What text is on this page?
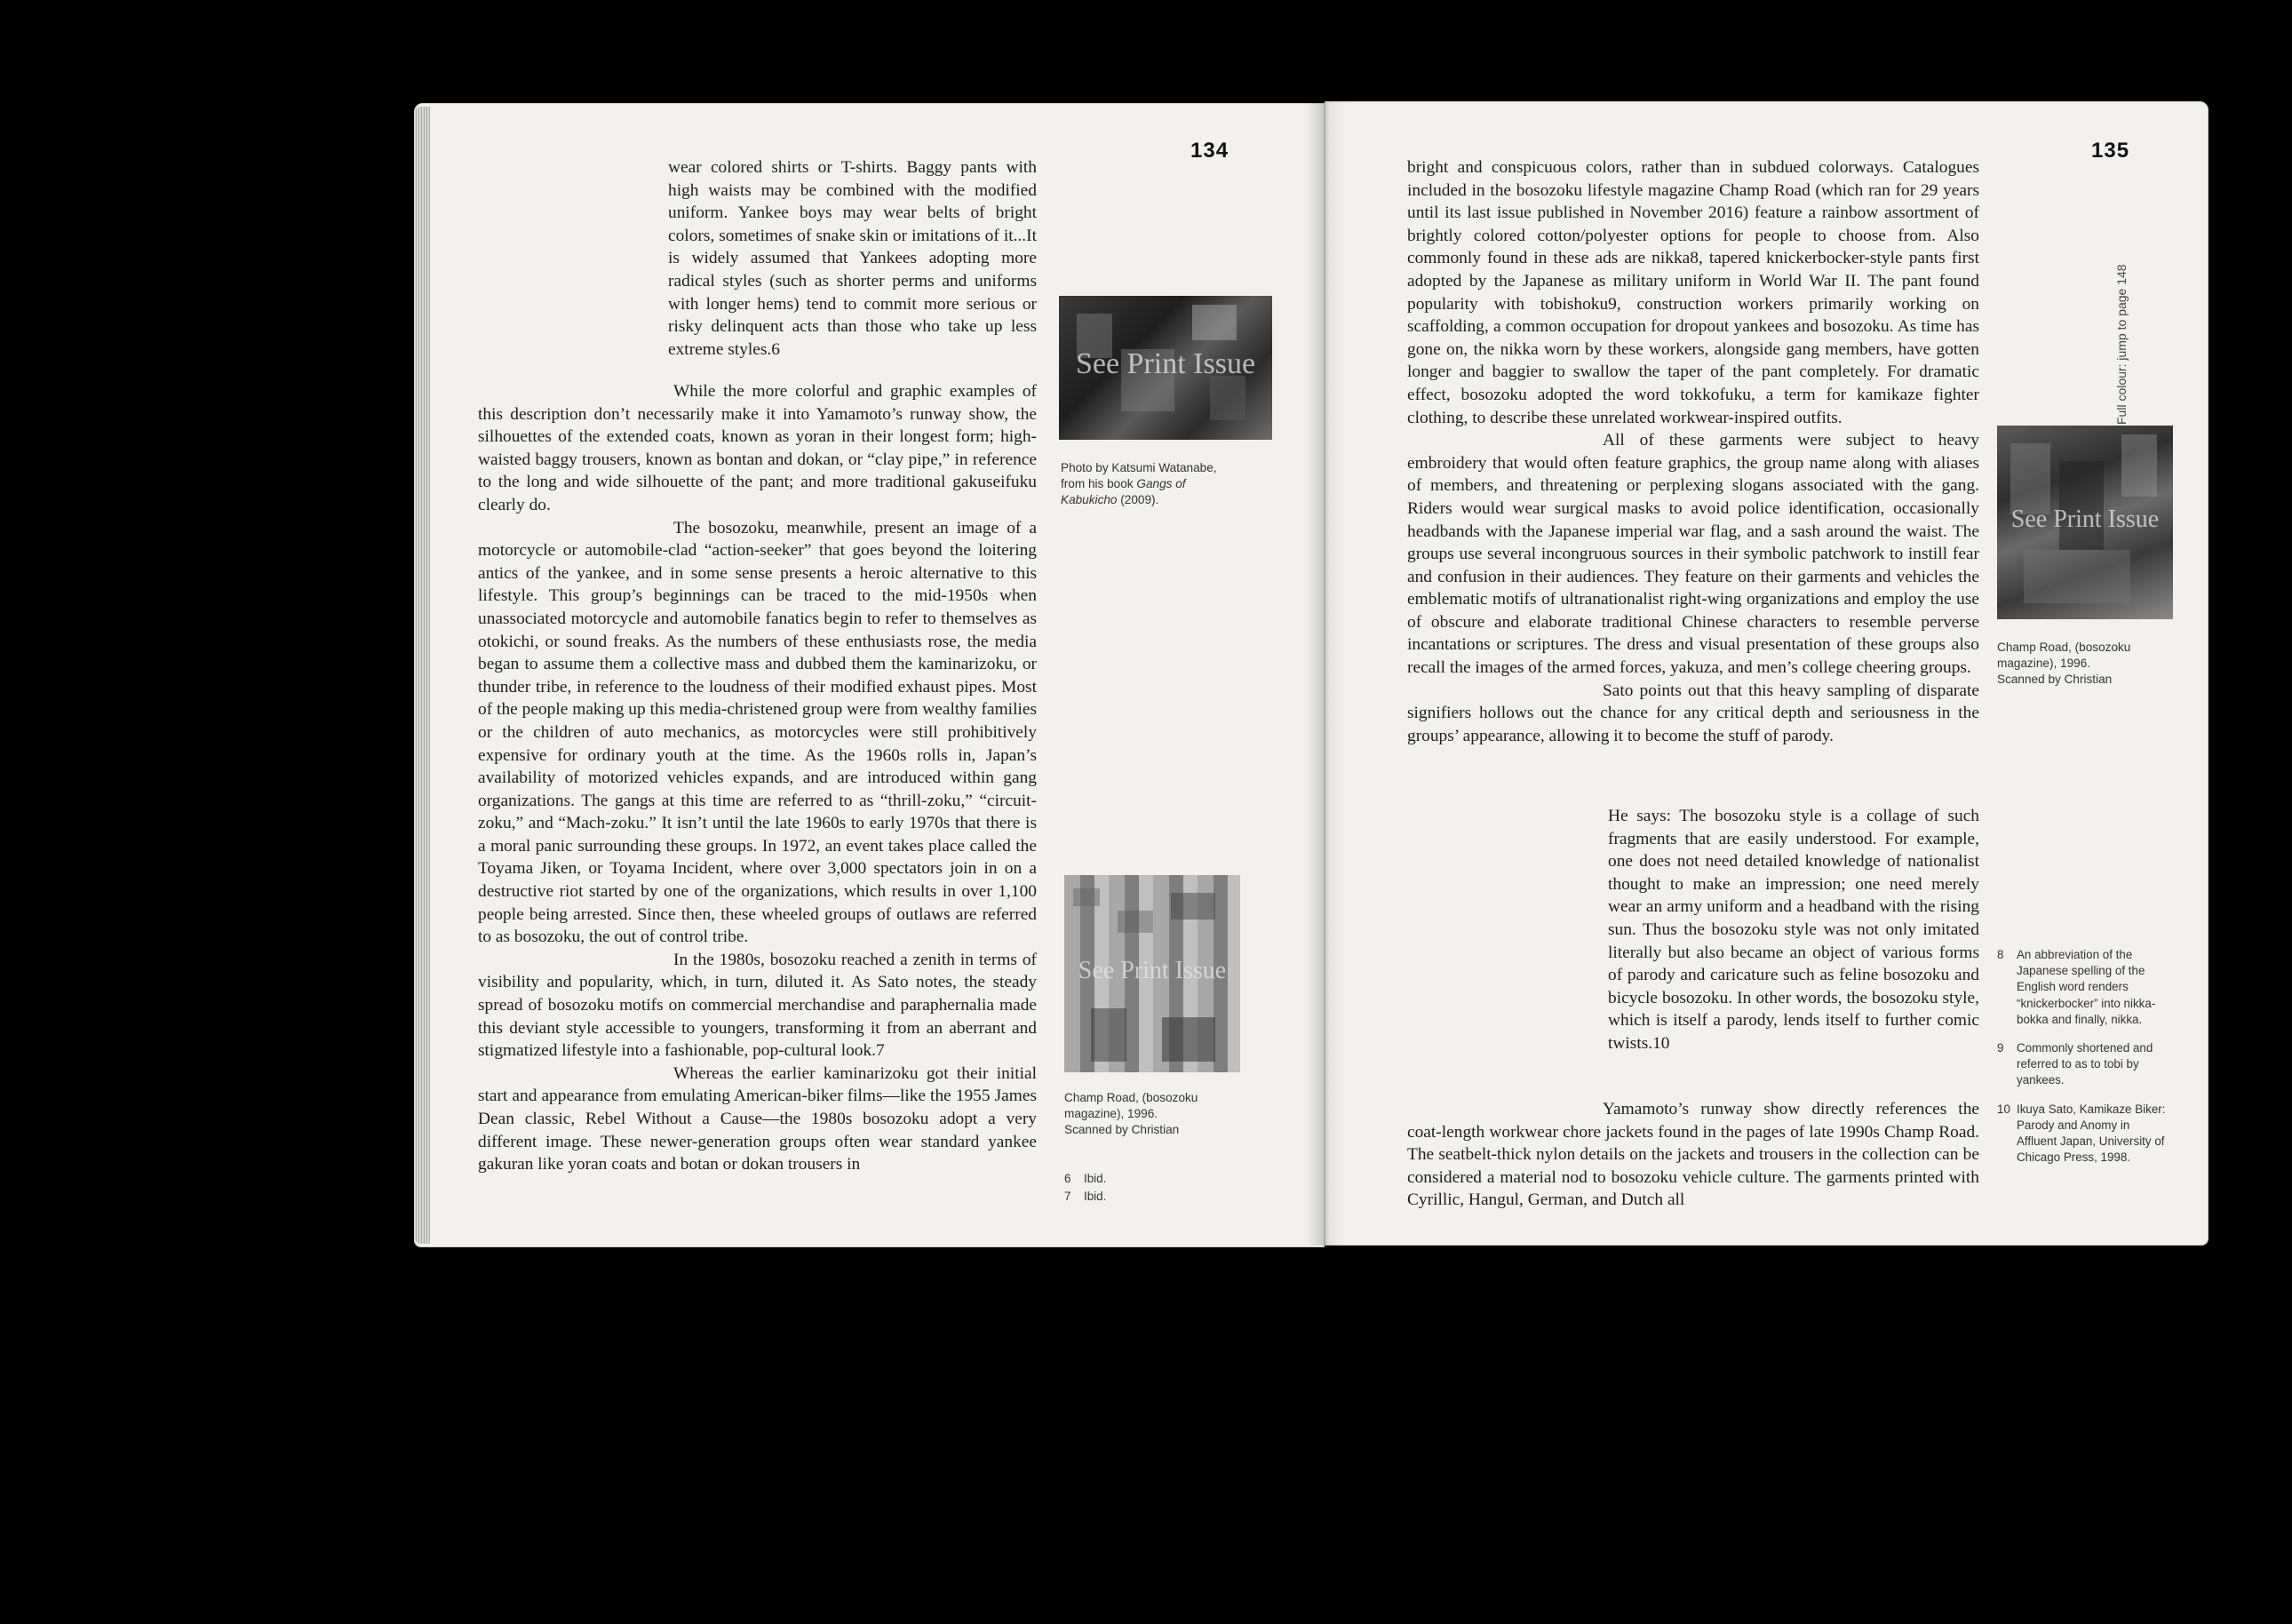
134

wear colored shirts or T-shirts. Baggy pants with high waists may be combined with the modified uniform. Yankee boys may wear belts of bright colors, sometimes of snake skin or imitations of it...It is widely assumed that Yankees adopting more radical styles (such as shorter perms and uniforms with longer hems) tend to commit more serious or risky delinquent acts than those who take up less extreme styles.6

While the more colorful and graphic examples of this description don’t necessarily make it into Yamamoto’s runway show, the silhouettes of the extended coats, known as yoran in their longest form; high-waisted baggy trousers, known as bontan and dokan, or “clay pipe,” in reference to the long and wide silhouette of the pant; and more traditional gakuseifuku clearly do.

The bosozoku, meanwhile, present an image of a motorcycle or automobile-clad “action-seeker” that goes beyond the loitering antics of the yankee, and in some sense presents a heroic alternative to this lifestyle. This group’s beginnings can be traced to the mid-1950s when unassociated motorcycle and automobile fanatics begin to refer to themselves as otokichi, or sound freaks. As the numbers of these enthusiasts rose, the media began to assume them a collective mass and dubbed them the kaminarizoku, or thunder tribe, in reference to the loudness of their modified exhaust pipes. Most of the people making up this media-christened group were from wealthy families or the children of auto mechanics, as motorcycles were still prohibitively expensive for ordinary youth at the time. As the 1960s rolls in, Japan’s availability of motorized vehicles expands, and are introduced within gang organizations. The gangs at this time are referred to as “thrill-zoku,” “circuit-zoku,” and “Mach-zoku.” It isn’t until the late 1960s to early 1970s that there is a moral panic surrounding these groups. In 1972, an event takes place called the Toyama Jiken, or Toyama Incident, where over 3,000 spectators join in on a destructive riot started by one of the organizations, which results in over 1,100 people being arrested. Since then, these wheeled groups of outlaws are referred to as bosozoku, the out of control tribe.

In the 1980s, bosozoku reached a zenith in terms of visibility and popularity, which, in turn, diluted it. As Sato notes, the steady spread of bosozoku motifs on commercial merchandise and paraphernalia made this deviant style accessible to youngers, transforming it from an aberrant and stigmatized lifestyle into a fashionable, pop-cultural look.7

Whereas the earlier kaminarizoku got their initial start and appearance from emulating American-biker films—like the 1955 James Dean classic, Rebel Without a Cause—the 1980s bosozoku adopt a very different image. These newer-generation groups often wear standard yankee gakuran like yoran coats and botan or dokan trousers in

See Print Issue
Photo by Katsumi Watanabe, from his book Gangs of Kabukicho (2009).
See Print Issue
Champ Road, (bosozoku magazine), 1996. Scanned by Christian
6	Ibid.
7	Ibid.
135
Full colour: jump to page 148

bright and conspicuous colors, rather than in subdued colorways. Catalogues included in the bosozoku lifestyle magazine Champ Road (which ran for 29 years until its last issue published in November 2016) feature a rainbow assortment of brightly colored cotton/polyester options for people to choose from. Also commonly found in these ads are nikka8, tapered knickerbocker-style pants first adopted by the Japanese as military uniform in World War II. The pant found popularity with tobishoku9, construction workers primarily working on scaffolding, a common occupation for dropout yankees and bosozoku. As time has gone on, the nikka worn by these workers, alongside gang members, have gotten longer and baggier to swallow the taper of the pant completely. For dramatic effect, bosozoku adopted the word tokkofuku, a term for kamikaze fighter clothing, to describe these unrelated workwear-inspired outfits.

All of these garments were subject to heavy embroidery that would often feature graphics, the group name along with aliases of members, and threatening or perplexing slogans associated with the gang. Riders would wear surgical masks to avoid police identification, occasionally headbands with the Japanese imperial war flag, and a sash around the waist. The groups use several incongruous sources in their symbolic patchwork to instill fear and confusion in their audiences. They feature on their garments and vehicles the emblematic motifs of ultranationalist right-wing organizations and employ the use of obscure and elaborate traditional Chinese characters to resemble perverse incantations or scriptures. The dress and visual presentation of these groups also recall the images of the armed forces, yakuza, and men’s college cheering groups.

Sato points out that this heavy sampling of disparate signifiers hollows out the chance for any critical depth and seriousness in the groups’ appearance, allowing it to become the stuff of parody.

He says: The bosozoku style is a collage of such fragments that are easily understood. For example, one does not need detailed knowledge of nationalist thought to make an impression; one need merely wear an army uniform and a headband with the rising sun. Thus the bosozoku style was not only imitated literally but also became an object of various forms of parody and caricature such as feline bosozoku and bicycle bosozoku. In other words, the bosozoku style, which is itself a parody, lends itself to further comic twists.10

Yamamoto’s runway show directly references the coat-length workwear chore jackets found in the pages of late 1990s Champ Road. The seatbelt-thick nylon details on the jackets and trousers in the collection can be considered a material nod to bosozoku vehicle culture. The garments printed with Cyrillic, Hangul, German, and Dutch all

See Print Issue
Champ Road, (bosozoku magazine), 1996. Scanned by Christian
8	An abbreviation of the Japanese spelling of the English word renders “knickerbocker” into nikka-bokka and finally, nikka.
9	Commonly shortened and referred to as to tobi by yankees.
10 Ikuya Sato, Kamikaze Biker: Parody and Anomy in Affluent Japan, University of Chicago Press, 1998.
